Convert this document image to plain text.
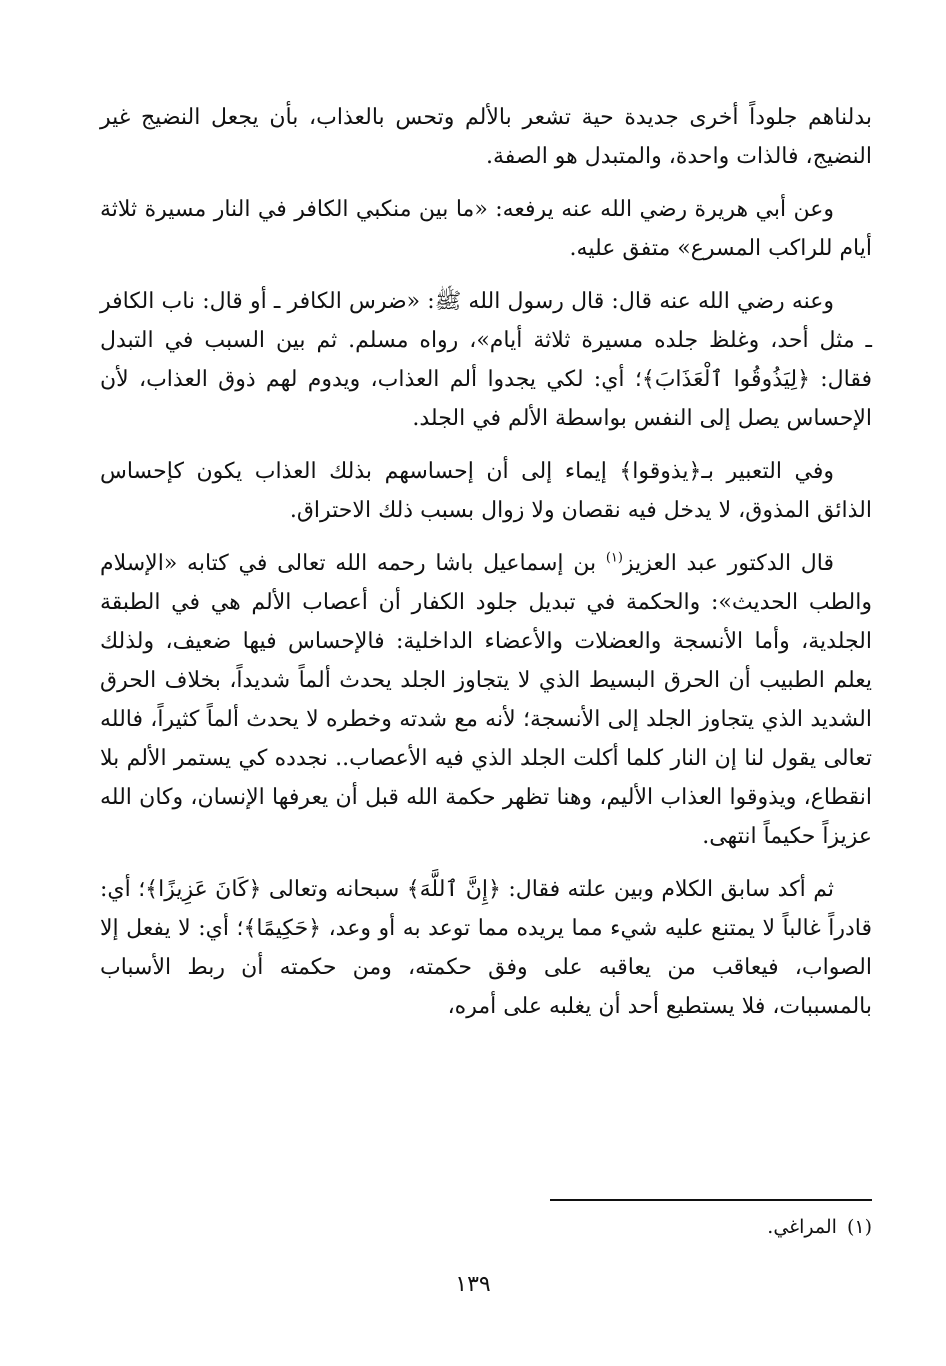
بدلناهم جلوداً أخرى جديدة حية تشعر بالألم وتحس بالعذاب، بأن يجعل النضيج غير النضيج، فالذات واحدة، والمتبدل هو الصفة.

وعن أبي هريرة رضي الله عنه يرفعه: «ما بين منكبي الكافر في النار مسيرة ثلاثة أيام للراكب المسرع» متفق عليه.

وعنه رضي الله عنه قال: قال رسول الله ﷺ: «ضرس الكافر ـ أو قال: ناب الكافر ـ مثل أحد، وغلظ جلده مسيرة ثلاثة أيام»، رواه مسلم. ثم بين السبب في التبدل فقال: ﴿لِيَذُوقُوا ٱلْعَذَابَ﴾؛ أي: لكي يجدوا ألم العذاب، ويدوم لهم ذوق العذاب، لأن الإحساس يصل إلى النفس بواسطة الألم في الجلد.

وفي التعبير بـ﴿يذوقوا﴾ إيماء إلى أن إحساسهم بذلك العذاب يكون كإحساس الذائق المذوق، لا يدخل فيه نقصان ولا زوال بسبب ذلك الاحتراق.

قال الدكتور عبد العزيز$^{(١)}$ بن إسماعيل باشا رحمه الله تعالى في كتابه «الإسلام والطب الحديث»: والحكمة في تبديل جلود الكفار أن أعصاب الألم هي في الطبقة الجلدية، وأما الأنسجة والعضلات والأعضاء الداخلية: فالإحساس فيها ضعيف، ولذلك يعلم الطبيب أن الحرق البسيط الذي لا يتجاوز الجلد يحدث ألماً شديداً، بخلاف الحرق الشديد الذي يتجاوز الجلد إلى الأنسجة؛ لأنه مع شدته وخطره لا يحدث ألماً كثيراً، فالله تعالى يقول لنا إن النار كلما أكلت الجلد الذي فيه الأعصاب.. نجدده كي يستمر الألم بلا انقطاع، ويذوقوا العذاب الأليم، وهنا تظهر حكمة الله قبل أن يعرفها الإنسان، وكان الله عزيزاً حكيماً انتهى.

ثم أكد سابق الكلام وبين علته فقال: ﴿إِنَّ ٱللَّهَ﴾ سبحانه وتعالى ﴿كَانَ عَزِيزًا﴾؛ أي: قادراً غالباً لا يمتنع عليه شيء مما يريده مما توعد به أو وعد، ﴿حَكِيمًا﴾؛ أي: لا يفعل إلا الصواب، فيعاقب من يعاقبه على وفق حكمته، ومن حكمته أن ربط الأسباب بالمسببات، فلا يستطيع أحد أن يغلبه على أمره،

(١)المراغي.
١٣٩
